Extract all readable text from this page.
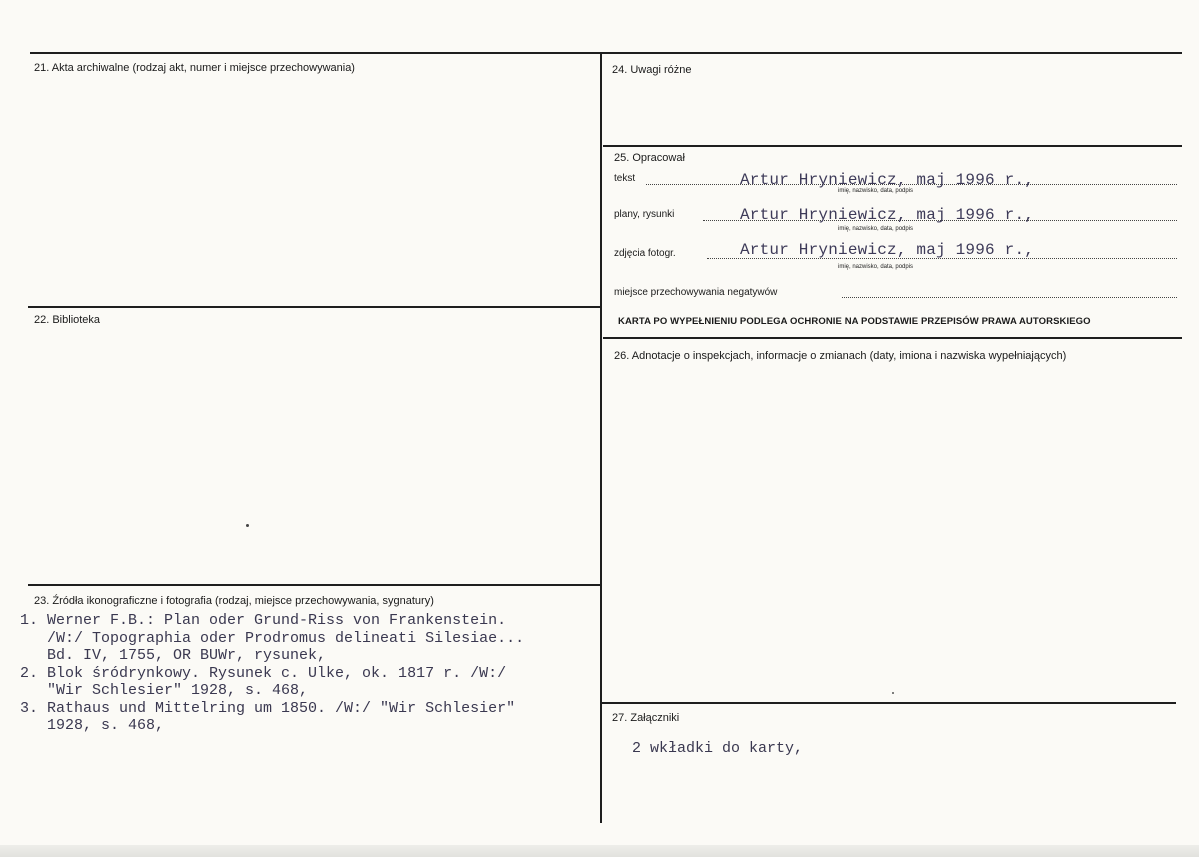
21. Akta archiwalne (rodzaj akt, numer i miejsce przechowywania)
22. Biblioteka
23. Źródła ikonograficzne i fotografia (rodzaj, miejsce przechowywania, sygnatury)
1. Werner F.B.: Plan oder Grund-Riss von Frankenstein.
/W:/ Topographia oder Prodromus delineati Silesiae...
Bd. IV, 1755, OR BUWr, rysunek,
2. Blok śródrynkowy. Rysunek c. Ulke, ok. 1817 r. /W:/
"Wir Schlesier" 1928, s. 468,
3. Rathaus und Mittelring um 1850. /W:/ "Wir Schlesier"
1928, s. 468,
24. Uwagi różne
25. Opracował
tekst	Artur Hryniewicz, maj 1996 r.,
imię, nazwisko, data, podpis
plany, rysunki	Artur Hryniewicz, maj 1996 r.,
imię, nazwisko, data, podpis
zdjęcia fotogr.	Artur Hryniewicz, maj 1996 r.,
imię, nazwisko, data, podpis
miejsce przechowywania negatywów
KARTA PO WYPEŁNIENIU PODLEGA OCHRONIE NA PODSTAWIE PRZEPISÓW PRAWA AUTORSKIEGO
26. Adnotacje o inspekcjach, informacje o zmianach (daty, imiona i nazwiska wypełniających)
27. Załączniki
2 wkładki do karty,
